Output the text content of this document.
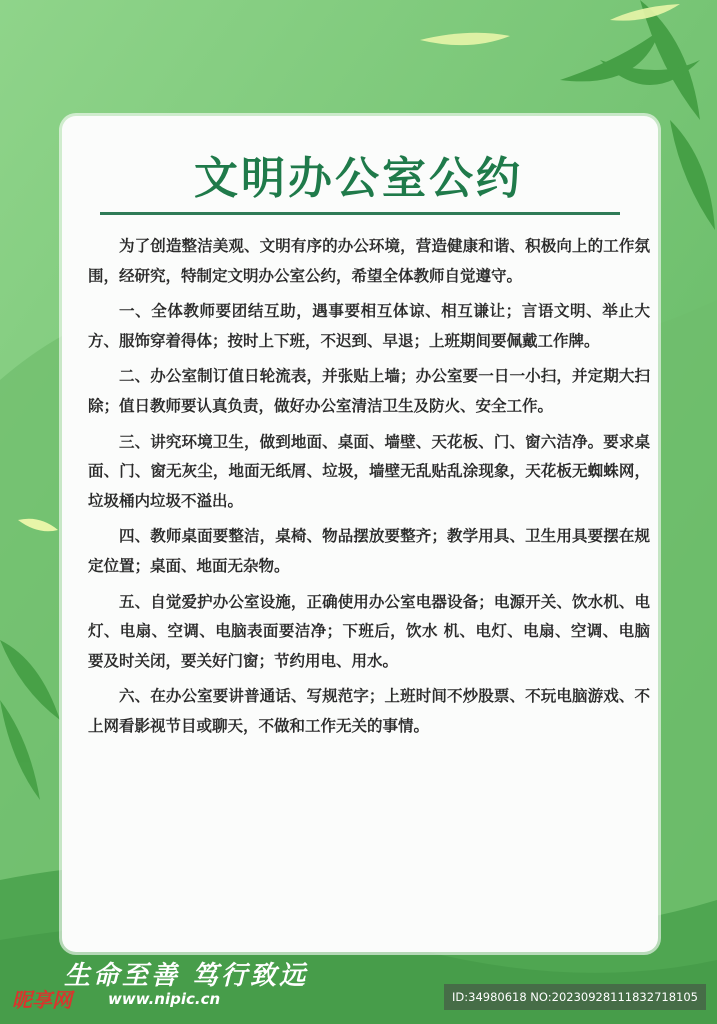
文明办公室公约

为了创造整洁美观、文明有序的办公环境，营造健康和谐、积极向上的工作氛围，经研究，特制定文明办公室公约，希望全体教师自觉遵守。

一、全体教师要团结互助，遇事要相互体谅、相互谦让；言语文明、举止大方、服饰穿着得体；按时上下班，不迟到、早退；上班期间要佩戴工作牌。

二、办公室制订值日轮流表，并张贴上墙；办公室要一日一小扫，并定期大扫除；值日教师要认真负责，做好办公室清洁卫生及防火、安全工作。

三、讲究环境卫生，做到地面、桌面、墙壁、天花板、门、窗六洁净。要求桌面、门、窗无灰尘，地面无纸屑、垃圾，墙壁无乱贴乱涂现象，天花板无蜘蛛网，垃圾桶内垃圾不溢出。

四、教师桌面要整洁，桌椅、物品摆放要整齐；教学用具、卫生用具要摆在规定位置；桌面、地面无杂物。

五、自觉爱护办公室设施，正确使用办公室电器设备；电源开关、饮水机、电灯、电扇、空调、电脑表面要洁净；下班后，饮水 机、电灯、电扇、空调、电脑要及时关闭，要关好门窗；节约用电、用水。

六、在办公室要讲普通话、写规范字；上班时间不炒股票、不玩电脑游戏、不上网看影视节目或聊天，不做和工作无关的事情。

生命至善 笃行致远
昵享网 www.nipic.cn	ID:34980618 NO:20230928111832718105
